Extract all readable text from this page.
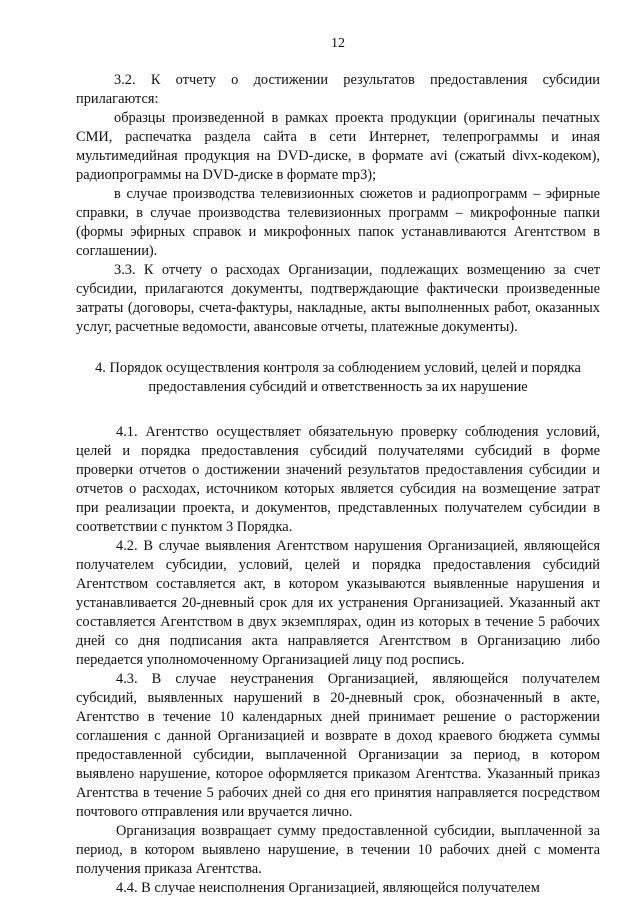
12

3.2. К отчету о достижении результатов предоставления субсидии прилагаются:

образцы произведенной в рамках проекта продукции (оригиналы печатных СМИ, распечатка раздела сайта в сети Интернет, телепрограммы и иная мультимедийная продукция на DVD-диске, в формате avi (сжатый divx-кодеком), радиопрограммы на DVD-диске в формате mp3);

в случае производства телевизионных сюжетов и радиопрограмм – эфирные справки, в случае производства телевизионных программ – микрофонные папки (формы эфирных справок и микрофонных папок устанавливаются Агентством в соглашении).

3.3. К отчету о расходах Организации, подлежащих возмещению за счет субсидии, прилагаются документы, подтверждающие фактически произведенные затраты (договоры, счета-фактуры, накладные, акты выполненных работ, оказанных услуг, расчетные ведомости, авансовые отчеты, платежные документы).

4. Порядок осуществления контроля за соблюдением условий, целей и порядка
предоставления субсидий и ответственность за их нарушение

4.1. Агентство осуществляет обязательную проверку соблюдения условий, целей и порядка предоставления субсидий получателями субсидий в форме проверки отчетов о достижении значений результатов предоставления субсидии и отчетов о расходах, источником которых является субсидия на возмещение затрат при реализации проекта, и документов, представленных получателем субсидии в соответствии с пунктом 3 Порядка.

4.2. В случае выявления Агентством нарушения Организацией, являющейся получателем субсидии, условий, целей и порядка предоставления субсидий Агентством составляется акт, в котором указываются выявленные нарушения и устанавливается 20-дневный срок для их устранения Организацией. Указанный акт составляется Агентством в двух экземплярах, один из которых в течение 5 рабочих дней со дня подписания акта направляется Агентством в Организацию либо передается уполномоченному Организацией лицу под роспись.

4.3. В случае неустранения Организацией, являющейся получателем субсидий, выявленных нарушений в 20-дневный срок, обозначенный в акте, Агентство в течение 10 календарных дней принимает решение о расторжении соглашения с данной Организацией и возврате в доход краевого бюджета суммы предоставленной субсидии, выплаченной Организации за период, в котором выявлено нарушение, которое оформляется приказом Агентства. Указанный приказ Агентства в течение 5 рабочих дней со дня его принятия направляется посредством почтового отправления или вручается лично.

Организация возвращает сумму предоставленной субсидии, выплаченной за период, в котором выявлено нарушение, в течении 10 рабочих дней с момента получения приказа Агентства.

4.4. В случае неисполнения Организацией, являющейся получателем
